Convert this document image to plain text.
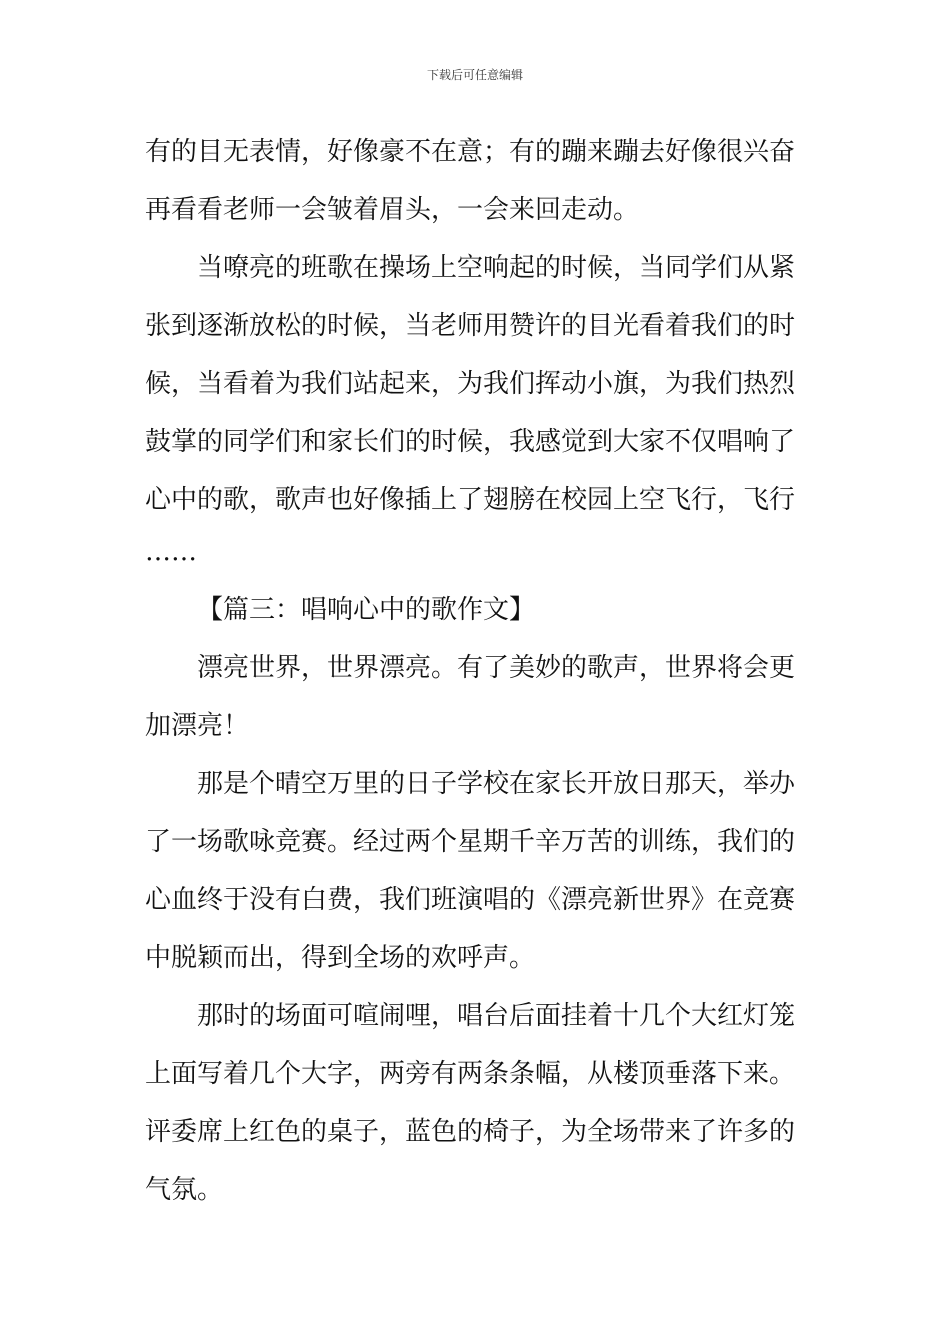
下载后可任意编辑
有的目无表情，好像豪不在意；有的蹦来蹦去好像很兴奋
再看看老师一会皱着眉头，一会来回走动。
当嘹亮的班歌在操场上空响起的时候，当同学们从紧
张到逐渐放松的时候，当老师用赞许的目光看着我们的时
候，当看着为我们站起来，为我们挥动小旗，为我们热烈
鼓掌的同学们和家长们的时候，我感觉到大家不仅唱响了
心中的歌，歌声也好像插上了翅膀在校园上空飞行，飞行
……
【篇三：唱响心中的歌作文】
漂亮世界，世界漂亮。有了美妙的歌声，世界将会更
加漂亮！
那是个晴空万里的日子学校在家长开放日那天，举办
了一场歌咏竞赛。经过两个星期千辛万苦的训练，我们的
心血终于没有白费，我们班演唱的《漂亮新世界》在竞赛
中脱颖而出，得到全场的欢呼声。
那时的场面可喧闹哩，唱台后面挂着十几个大红灯笼
上面写着几个大字，两旁有两条条幅，从楼顶垂落下来。
评委席上红色的桌子，蓝色的椅子，为全场带来了许多的
气氛。
